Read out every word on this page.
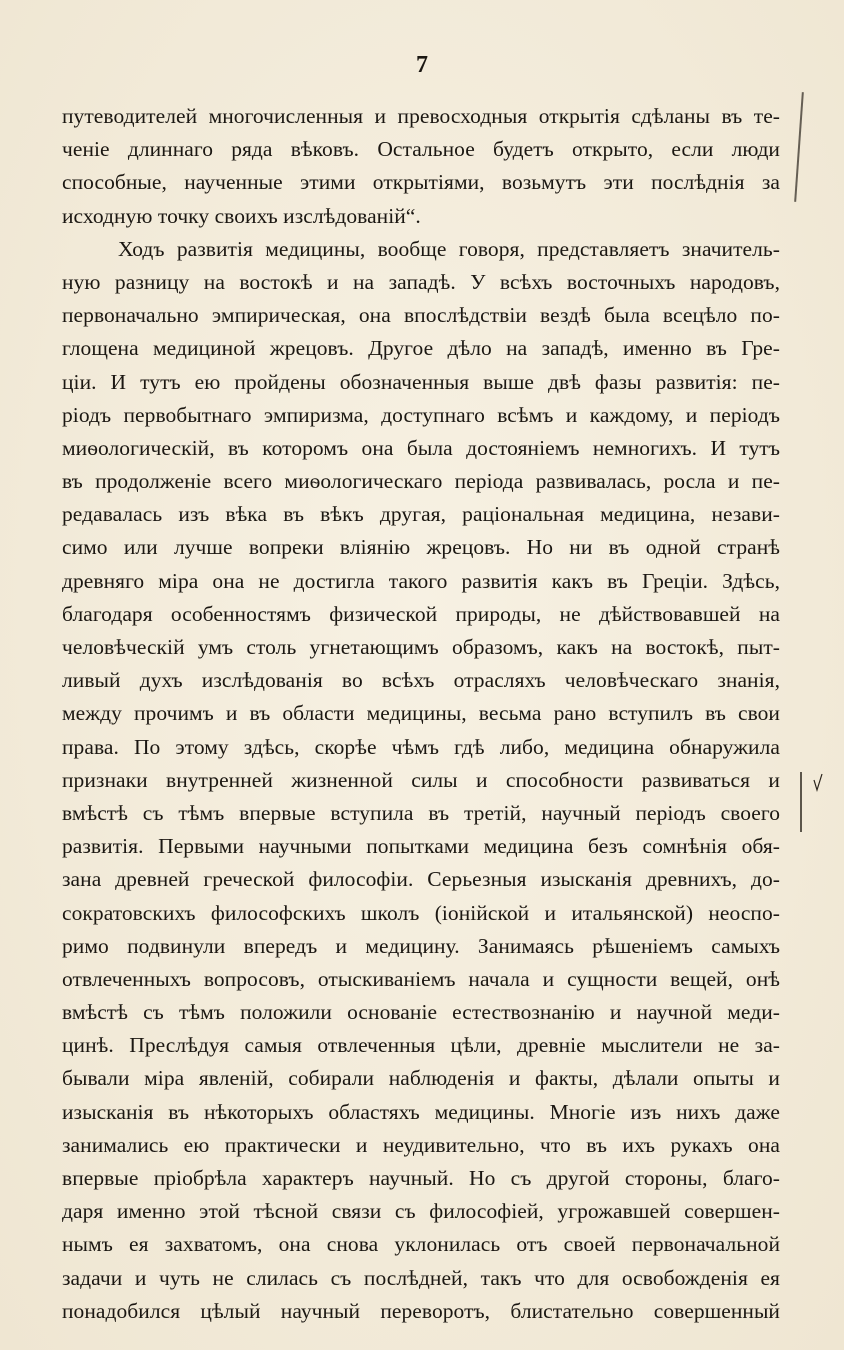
7
путеводителей многочисленныя и превосходныя открытія сдѣланы въ те-
ченіе длиннаго ряда вѣковъ. Остальное будетъ открыто, если люди
способные, наученные этими открытіями, возьмутъ эти послѣднія за
исходную точку своихъ изслѣдованій“.
Ходъ развитія медицины, вообще говоря, представляетъ значитель-
ную разницу на востокѣ и на западѣ. У всѣхъ восточныхъ народовъ,
первоначально эмпирическая, она впослѣдствіи вездѣ была всецѣло по-
глощена медициной жрецовъ. Другое дѣло на западѣ, именно въ Гре-
ціи. И тутъ ею пройдены обозначенныя выше двѣ фазы развитія: пе-
ріодъ первобытнаго эмпиризма, доступнаго всѣмъ и каждому, и періодъ
миѳологическій, въ которомъ она была достояніемъ немногихъ. И тутъ
въ продолженіе всего миѳологическаго періода развивалась, росла и пе-
редавалась изъ вѣка въ вѣкъ другая, раціональная медицина, незави-
симо или лучше вопреки вліянію жрецовъ. Но ни въ одной странѣ
древняго міра она не достигла такого развитія какъ въ Греціи. Здѣсь,
благодаря особенностямъ физической природы, не дѣйствовавшей на
человѣческій умъ столь угнетающимъ образомъ, какъ на востокѣ, пыт-
ливый духъ изслѣдованія во всѣхъ отрасляхъ человѣческаго знанія,
между прочимъ и въ области медицины, весьма рано вступилъ въ свои
права. По этому здѣсь, скорѣе чѣмъ гдѣ либо, медицина обнаружила
признаки внутренней жизненной силы и способности развиваться и
вмѣстѣ съ тѣмъ впервые вступила въ третій, научный періодъ своего
развитія. Первыми научными попытками медицина безъ сомнѣнія обя-
зана древней греческой философіи. Серьезныя изысканія древнихъ, до-
сократовскихъ философскихъ школъ (іонійской и итальянской) неоспо-
римо подвинули впередъ и медицину. Занимаясь рѣшеніемъ самыхъ
отвлеченныхъ вопросовъ, отыскиваніемъ начала и сущности вещей, онѣ
вмѣстѣ съ тѣмъ положили основаніе естествознанію и научной меди-
цинѣ. Преслѣдуя самыя отвлеченныя цѣли, древніе мыслители не за-
бывали міра явленій, собирали наблюденія и факты, дѣлали опыты и
изысканія въ нѣкоторыхъ областяхъ медицины. Многіе изъ нихъ даже
занимались ею практически и неудивительно, что въ ихъ рукахъ она
впервые пріобрѣла характеръ научный. Но съ другой стороны, благо-
даря именно этой тѣсной связи съ философіей, угрожавшей совершен-
нымъ ея захватомъ, она снова уклонилась отъ своей первоначальной
задачи и чуть не слилась съ послѣдней, такъ что для освобожденія ея
понадобился цѣлый научный переворотъ, блистательно совершенный
